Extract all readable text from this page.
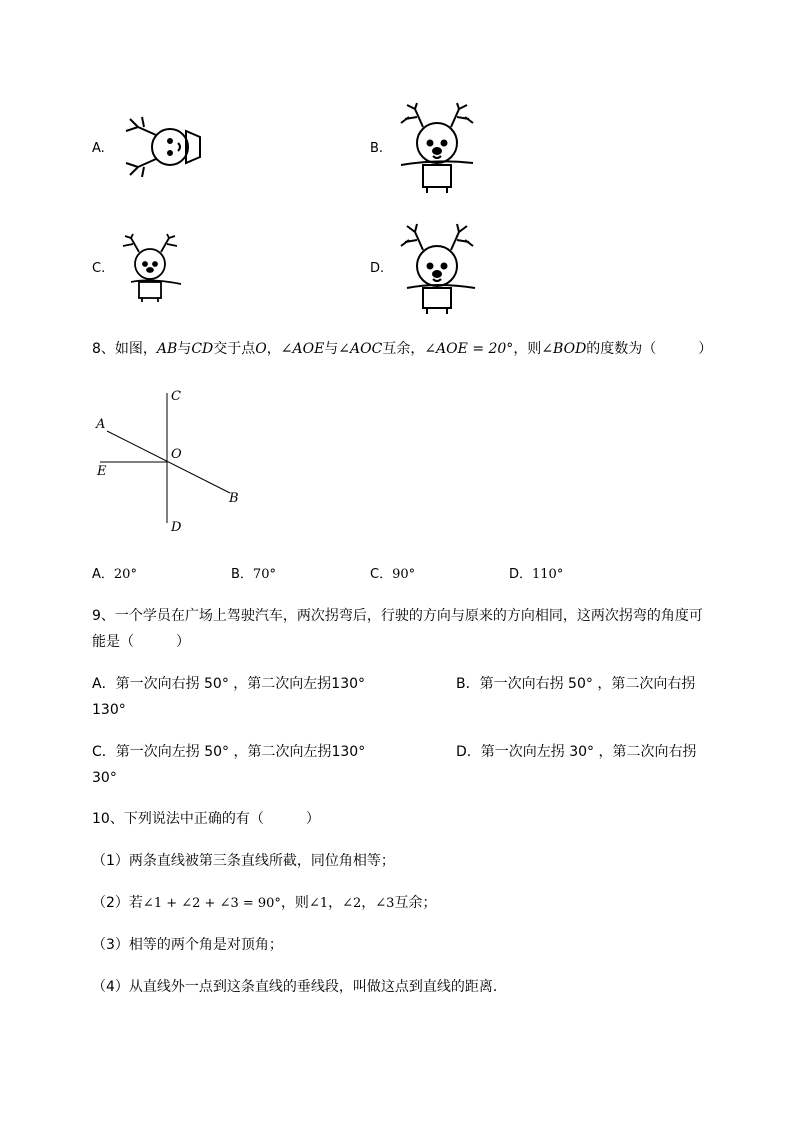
A.	B.
C.	D.
8、如图，AB与CD交于点O，∠AOE与∠AOC互余，∠AOE = 20°，则∠BOD的度数为（　　　）
C
A
O
E
B
D
A．20°	B．70°	C．90°	D．110°
9、一个学员在广场上驾驶汽车，两次拐弯后，行驶的方向与原来的方向相同，这两次拐弯的角度可
能是（　　　）
A．第一次向右拐 50° ，第二次向左拐130°	B．第一次向右拐 50° ，第二次向右拐
130°
C．第一次向左拐 50° ，第二次向左拐130°	D．第一次向左拐 30° ，第二次向右拐
30°
10、下列说法中正确的有（　　　）
（1）两条直线被第三条直线所截，同位角相等；
（2）若∠1 + ∠2 + ∠3 = 90°，则∠1，∠2，∠3互余；
（3）相等的两个角是对顶角；
（4）从直线外一点到这条直线的垂线段，叫做这点到直线的距离．
